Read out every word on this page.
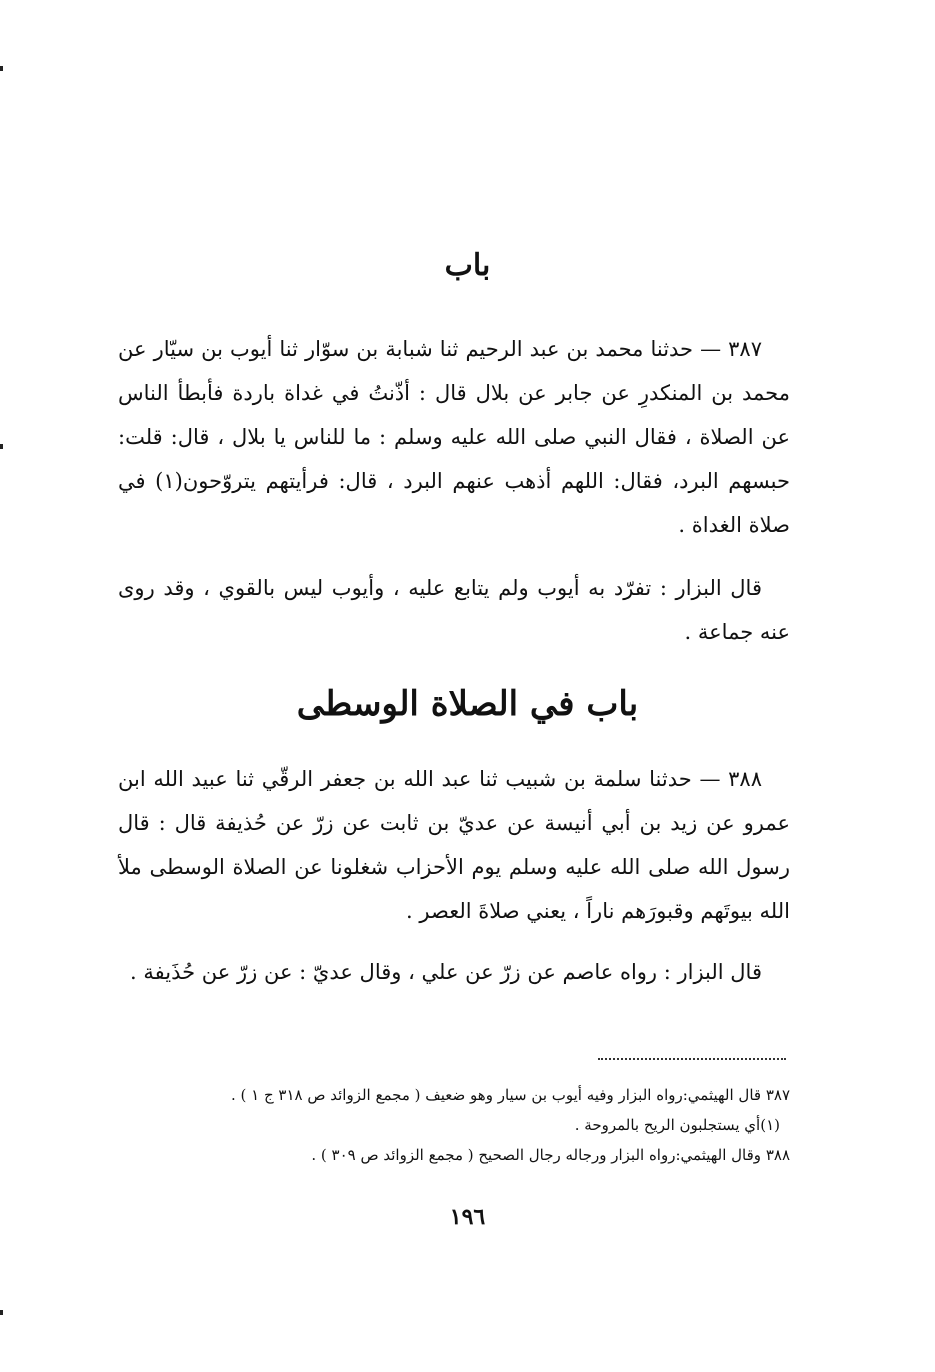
باب
٣٨٧ — حدثنا محمد بن عبد الرحيم ثنا شبابة بن سوّار ثنا أيوب بن سيّار عن محمد بن المنكدرِ عن جابر عن بلال قال : أذّنتُ في غداة باردة فأبطأ الناس عن الصلاة ، فقال النبي صلى الله عليه وسلم : ما للناس يا بلال ، قال: قلت: حبسهم البرد، فقال: اللهم أذهب عنهم البرد ، قال: فرأيتهم يتروّحون(١) في صلاة الغداة .
قال البزار : تفرّد به أيوب ولم يتابع عليه ، وأيوب ليس بالقوي ، وقد روى عنه جماعة .
باب في الصلاة الوسطى
٣٨٨ — حدثنا سلمة بن شبيب ثنا عبد الله بن جعفر الرقّي ثنا عبيد الله ابن عمرو عن زيد بن أبي أنيسة عن عديّ بن ثابت عن زرّ عن حُذيفة قال : قال رسول الله صلى الله عليه وسلم يوم الأحزاب شغلونا عن الصلاة الوسطى ملأ الله بيوتَهم وقبورَهم ناراً ، يعني صلاةَ العصر .
قال البزار : رواه عاصم عن زرّ عن علي ، وقال عديّ : عن زرّ عن حُذَيفة .
٣٨٧ قال الهيثمي:رواه البزار وفيه أيوب بن سيار وهو ضعيف ( مجمع الزوائد ص ٣١٨ ج ١ ) .
(١)أي يستجلبون الريح بالمروحة .
٣٨٨ وقال الهيثمي:رواه البزار ورجاله رجال الصحيح ( مجمع الزوائد ص ٣٠٩ ) .
١٩٦
